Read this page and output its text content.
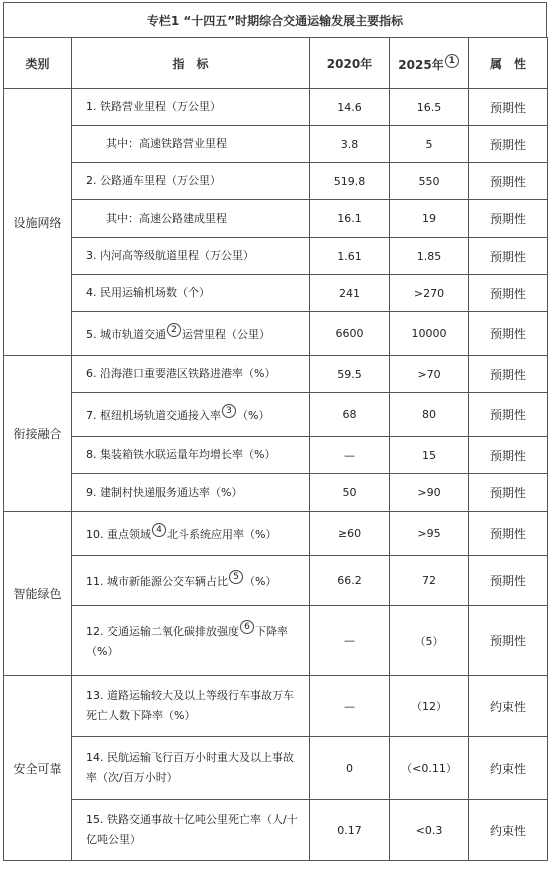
专栏1 “十四五”时期综合交通运输发展主要指标
类别	指　标	2020年	2025年 $^1$	属　性
设施网络	1. 铁路营业里程（万公里）	14.6	16.5	预期性
	其中：高速铁路营业里程	3.8	5	预期性
	2. 公路通车里程（万公里）	519.8	550	预期性
	其中：高速公路建成里程	16.1	19	预期性
	3. 内河高等级航道里程（万公里）	1.61	1.85	预期性
	4. 民用运输机场数（个）	241	>270	预期性
	5. 城市轨道交通 $^2$ 运营里程（公里）	6600	10000	预期性
衔接融合	6. 沿海港口重要港区铁路进港率（%）	59.5	>70	预期性
	7. 枢纽机场轨道交通接入率 $^3$ （%）	68	80	预期性
	8. 集装箱铁水联运量年均增长率（%）	—	15	预期性
	9. 建制村快递服务通达率（%）	50	>90	预期性
智能绿色	10. 重点领域 $^4$ 北斗系统应用率（%）	≥60	>95	预期性
	11. 城市新能源公交车辆占比 $^5$ （%）	66.2	72	预期性
	12. 交通运输二氧化碳排放强度 $^6$ 下降率（%）	—	（5）	预期性
安全可靠	13. 道路运输较大及以上等级行车事故万车死亡人数下降率（%）	—	（12）	约束性
	14. 民航运输飞行百万小时重大及以上事故率（次/百万小时）	0	（<0.11）	约束性
	15. 铁路交通事故十亿吨公里死亡率（人/十亿吨公里）	0.17	<0.3	约束性
